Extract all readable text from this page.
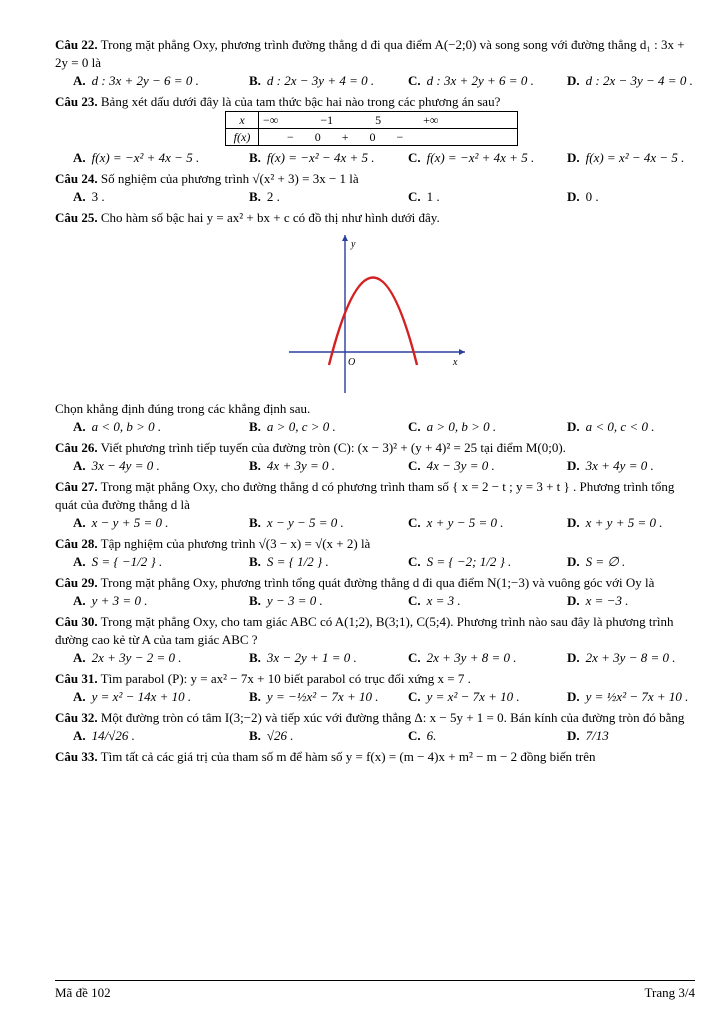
Câu 22. Trong mặt phẳng Oxy, phương trình đường thẳng d đi qua điểm A(−2;0) và song song với đường thẳng d₁ : 3x + 2y = 0 là

A. d : 3x + 2y − 6 = 0 .	B. d : 2x − 3y + 4 = 0 .	C. d : 3x + 2y + 6 = 0 .	D. d : 2x − 3y − 4 = 0 .

Câu 23. Bảng xét dấu dưới đây là của tam thức bậc hai nào trong các phương án sau?

x	−∞              −1              5              +∞
f(x)	−       0       +       0       −
A. f(x) = −x² + 4x − 5 .	B. f(x) = −x² − 4x + 5 .	C. f(x) = −x² + 4x + 5 .	D. f(x) = x² − 4x − 5 .

Câu 24. Số nghiệm của phương trình √(x² + 3) = 3x − 1 là

A. 3 .	B. 2 .	C. 1 .	D. 0 .

Câu 25. Cho hàm số bậc hai y = ax² + bx + c có đồ thị như hình dưới đây.

y
x
O

Chọn khẳng định đúng trong các khẳng định sau.

A. a < 0, b > 0 .	B. a > 0, c > 0 .	C. a > 0, b > 0 .	D. a < 0, c < 0 .

Câu 26. Viết phương trình tiếp tuyến của đường tròn (C): (x − 3)² + (y + 4)² = 25 tại điểm M(0;0).

A. 3x − 4y = 0 .	B. 4x + 3y = 0 .	C. 4x − 3y = 0 .	D. 3x + 4y = 0 .

Câu 27. Trong mặt phẳng Oxy, cho đường thẳng d có phương trình tham số { x = 2 − t ; y = 3 + t } . Phương trình tổng quát của đường thẳng d là

A. x − y + 5 = 0 .	B. x − y − 5 = 0 .	C. x + y − 5 = 0 .	D. x + y + 5 = 0 .

Câu 28. Tập nghiệm của phương trình √(3 − x) = √(x + 2) là

A. S = { −1/2 } .	B. S = { 1/2 } .	C. S = { −2; 1/2 } .	D. S = ∅ .

Câu 29. Trong mặt phẳng Oxy, phương trình tổng quát đường thẳng d đi qua điểm N(1;−3) và vuông góc với Oy là

A. y + 3 = 0 .	B. y − 3 = 0 .	C. x = 3 .	D. x = −3 .

Câu 30. Trong mặt phẳng Oxy, cho tam giác ABC có A(1;2), B(3;1), C(5;4). Phương trình nào sau đây là phương trình đường cao kẻ từ A của tam giác ABC ?

A. 2x + 3y − 2 = 0 .	B. 3x − 2y + 1 = 0 .	C. 2x + 3y + 8 = 0 .	D. 2x + 3y − 8 = 0 .

Câu 31. Tìm parabol (P): y = ax² − 7x + 10 biết parabol có trục đối xứng x = 7 .

A. y = x² − 14x + 10 .	B. y = −½x² − 7x + 10 .	C. y = x² − 7x + 10 .	D. y = ½x² − 7x + 10 .

Câu 32. Một đường tròn có tâm I(3;−2) và tiếp xúc với đường thẳng Δ: x − 5y + 1 = 0. Bán kính của đường tròn đó bằng

A. 14/√26 .	B. √26 .	C. 6.	D. 7/13

Câu 33. Tìm tất cả các giá trị của tham số m để hàm số y = f(x) = (m − 4)x + m² − m − 2 đồng biến trên

Mã đề 102	Trang 3/4
